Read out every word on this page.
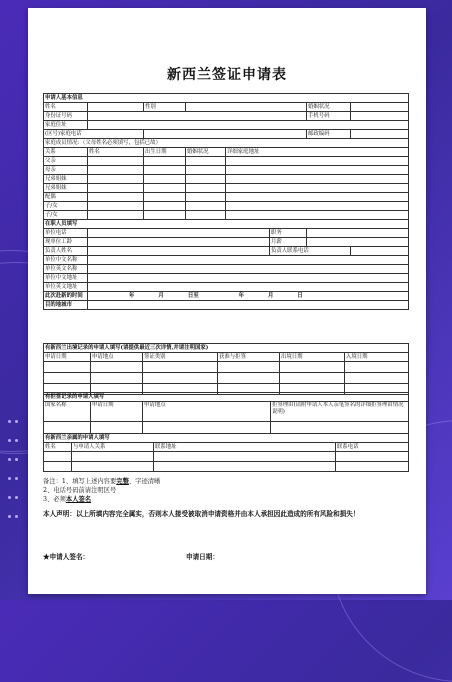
新西兰签证申请表
申请人基本信息							
姓名		性别				婚姻状况	
身份证号码						手机号码	
家庭住址							
(区号)家庭电话						邮政编码	
家庭成员情况：（父母姓名必须填写，包括已故）							
关系	姓名	出生日期	婚姻状况	详细家庭地址			
父亲							
母亲							
兄弟姐妹							
兄弟姐妹							
配偶							
子/女							
子/女							
在职人员填写							
单位电话					职务		
现单位工龄					月薪		
负责人姓名					负责人联系电话		
单位中文名称							
单位英文名称							
单位中文地址							
单位英文地址							
此次赴新的时间	年 月 日至 年 月 日						
目的地城市							
有新西兰出境记录的申请人填写(请提供最近三次详情,并请注明国家)					
申请日期	申请地点	签证类别	获准与拒签	出境日期	入境日期

有拒签记录的申请人填写			
国家名称	申请日期	申请地点	拒签理由(请附申请人本人亲笔签名的详细拒签理由情况说明)

有新西兰亲属的申请人填写			
姓名	与申请人关系	联系地址	联系电话

备注：1、填写上述内容要完整、字迹清晰
2、电话号码前请注明区号
3、必须本人签名
本人声明：以上所填内容完全属实，否则本人接受被取消申请资格并由本人承担因此造成的所有风险和损失！
★申请人签名：	申请日期：
